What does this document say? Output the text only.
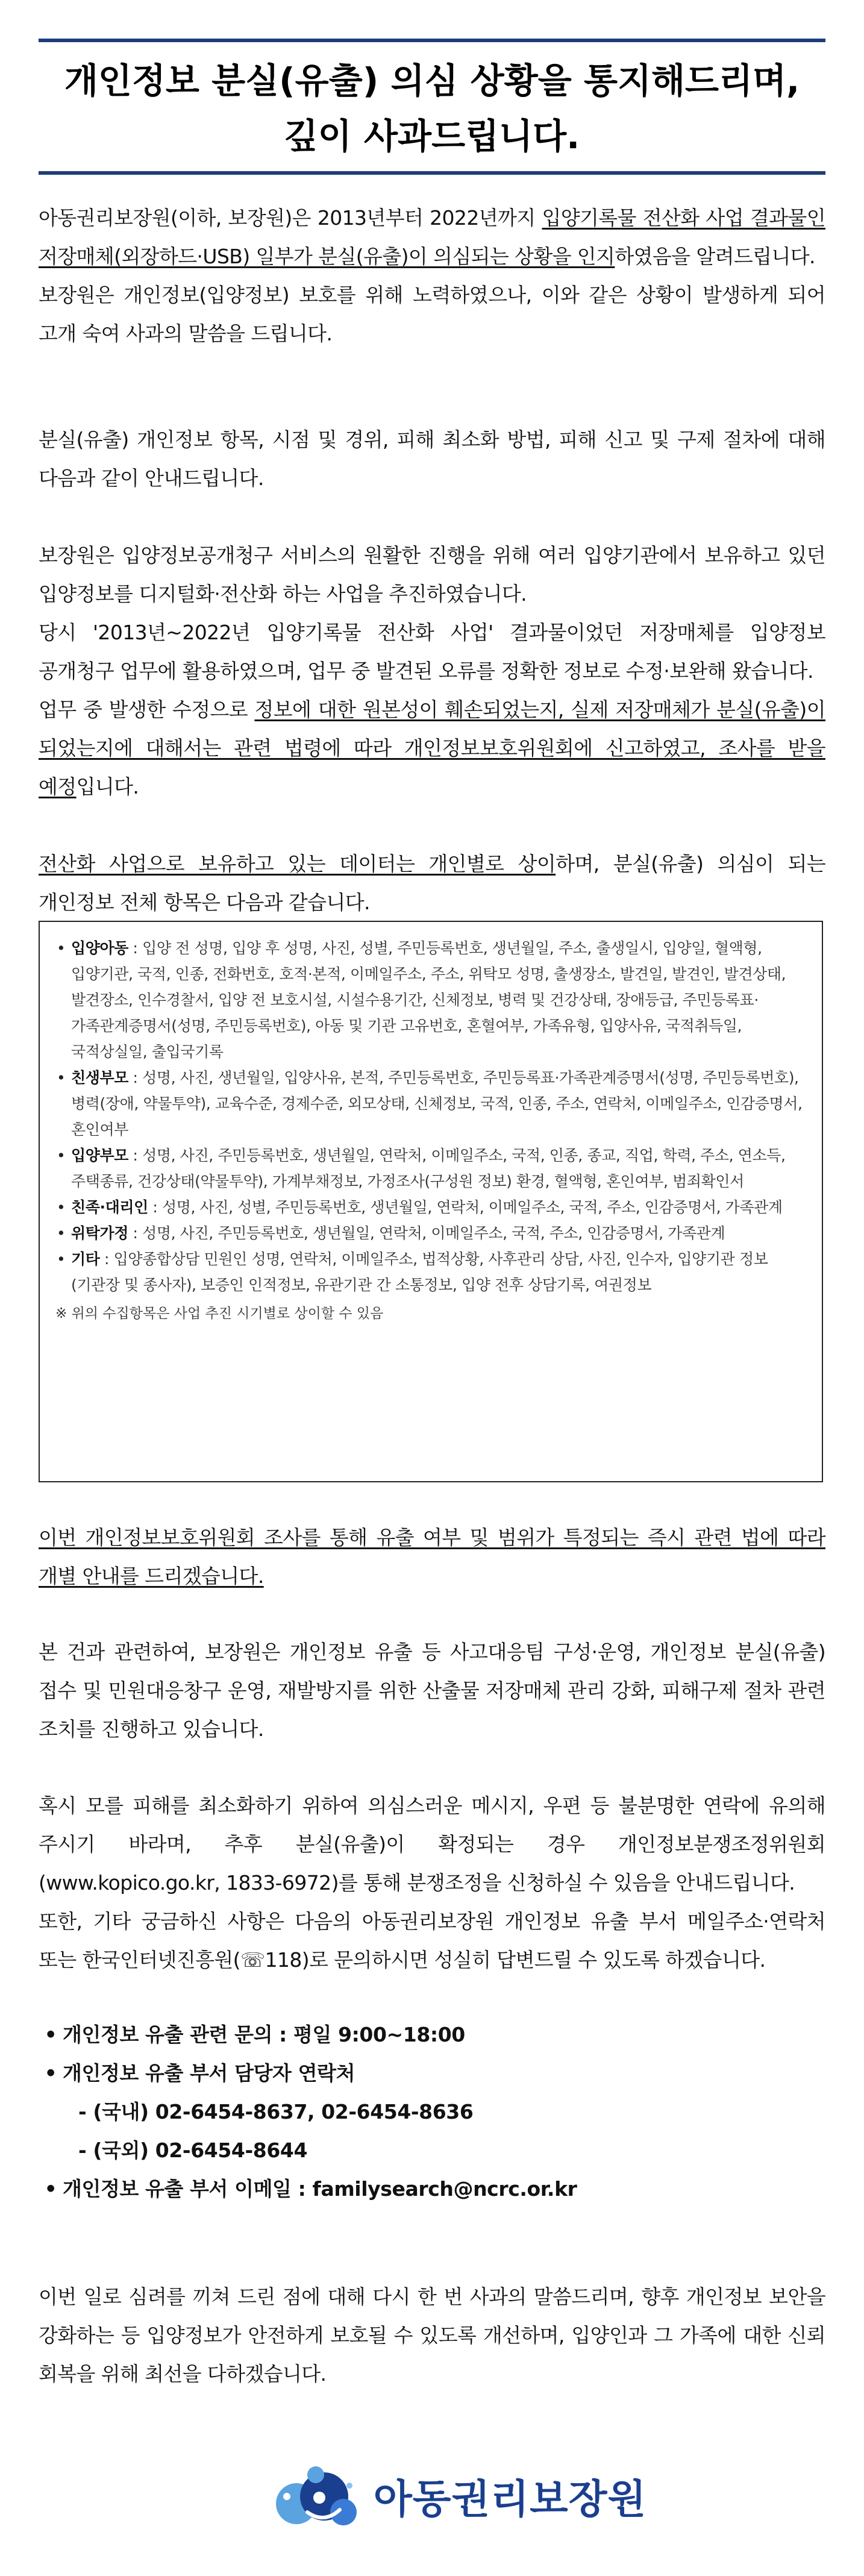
개인정보 분실(유출) 의심 상황을 통지해드리며,
깊이 사과드립니다.

아동권리보장원(이하, 보장원)은 2013년부터 2022년까지 입양기록물 전산화 사업 결과물인 저장매체(외장하드·USB) 일부가 분실(유출)이 의심되는 상황을 인지하였음을 알려드립니다.

보장원은 개인정보(입양정보) 보호를 위해 노력하였으나, 이와 같은 상황이 발생하게 되어 고개 숙여 사과의 말씀을 드립니다.

분실(유출) 개인정보 항목, 시점 및 경위, 피해 최소화 방법, 피해 신고 및 구제 절차에 대해 다음과 같이 안내드립니다.

보장원은 입양정보공개청구 서비스의 원활한 진행을 위해 여러 입양기관에서 보유하고 있던 입양정보를 디지털화·전산화 하는 사업을 추진하였습니다.

당시 '2013년~2022년 입양기록물 전산화 사업' 결과물이었던 저장매체를 입양정보 공개청구 업무에 활용하였으며, 업무 중 발견된 오류를 정확한 정보로 수정·보완해 왔습니다.

업무 중 발생한 수정으로 정보에 대한 원본성이 훼손되었는지, 실제 저장매체가 분실(유출)이 되었는지에 대해서는 관련 법령에 따라 개인정보보호위원회에 신고하였고, 조사를 받을 예정입니다.

전산화 사업으로 보유하고 있는 데이터는 개인별로 상이하며, 분실(유출) 의심이 되는 개인정보 전체 항목은 다음과 같습니다.

• 입양아동 : 입양 전 성명, 입양 후 성명, 사진, 성별, 주민등록번호, 생년월일, 주소, 출생일시, 입양일, 혈액형, 입양기관, 국적, 인종, 전화번호, 호적·본적, 이메일주소, 주소, 위탁모 성명, 출생장소, 발견일, 발견인, 발견상태, 발견장소, 인수경찰서, 입양 전 보호시설, 시설수용기간, 신체정보, 병력 및 건강상태, 장애등급, 주민등록표·가족관계증명서(성명, 주민등록번호), 아동 및 기관 고유번호, 혼혈여부, 가족유형, 입양사유, 국적취득일, 국적상실일, 출입국기록
• 친생부모 : 성명, 사진, 생년월일, 입양사유, 본적, 주민등록번호, 주민등록표·가족관계증명서(성명, 주민등록번호), 병력(장애, 약물투약), 교육수준, 경제수준, 외모상태, 신체정보, 국적, 인종, 주소, 연락처, 이메일주소, 인감증명서, 혼인여부
• 입양부모 : 성명, 사진, 주민등록번호, 생년월일, 연락처, 이메일주소, 국적, 인종, 종교, 직업, 학력, 주소, 연소득, 주택종류, 건강상태(약물투약), 가계부채정보, 가정조사(구성원 정보) 환경, 혈액형, 혼인여부, 범죄확인서
• 친족·대리인 : 성명, 사진, 성별, 주민등록번호, 생년월일, 연락처, 이메일주소, 국적, 주소, 인감증명서, 가족관계
• 위탁가정 : 성명, 사진, 주민등록번호, 생년월일, 연락처, 이메일주소, 국적, 주소, 인감증명서, 가족관계
• 기타 : 입양종합상담 민원인 성명, 연락처, 이메일주소, 법적상황, 사후관리 상담, 사진, 인수자, 입양기관 정보(기관장 및 종사자), 보증인 인적정보, 유관기관 간 소통정보, 입양 전후 상담기록, 여권정보
※ 위의 수집항목은 사업 추진 시기별로 상이할 수 있음

이번 개인정보보호위원회 조사를 통해 유출 여부 및 범위가 특정되는 즉시 관련 법에 따라 개별 안내를 드리겠습니다.

본 건과 관련하여, 보장원은 개인정보 유출 등 사고대응팀 구성·운영, 개인정보 분실(유출) 접수 및 민원대응창구 운영, 재발방지를 위한 산출물 저장매체 관리 강화, 피해구제 절차 관련 조치를 진행하고 있습니다.

혹시 모를 피해를 최소화하기 위하여 의심스러운 메시지, 우편 등 불분명한 연락에 유의해 주시기 바라며, 추후 분실(유출)이 확정되는 경우 개인정보분쟁조정위원회(www.kopico.go.kr, 1833-6972)를 통해 분쟁조정을 신청하실 수 있음을 안내드립니다.

또한, 기타 궁금하신 사항은 다음의 아동권리보장원 개인정보 유출 부서 메일주소·연락처 또는 한국인터넷진흥원(☏118)로 문의하시면 성실히 답변드릴 수 있도록 하겠습니다.

• 개인정보 유출 관련 문의 : 평일 9:00~18:00
• 개인정보 유출 부서 담당자 연락처
- (국내) 02-6454-8637, 02-6454-8636
- (국외) 02-6454-8644
• 개인정보 유출 부서 이메일 : familysearch@ncrc.or.kr

이번 일로 심려를 끼쳐 드린 점에 대해 다시 한 번 사과의 말씀드리며, 향후 개인정보 보안을 강화하는 등 입양정보가 안전하게 보호될 수 있도록 개선하며, 입양인과 그 가족에 대한 신뢰 회복을 위해 최선을 다하겠습니다.

아동권리보장원
